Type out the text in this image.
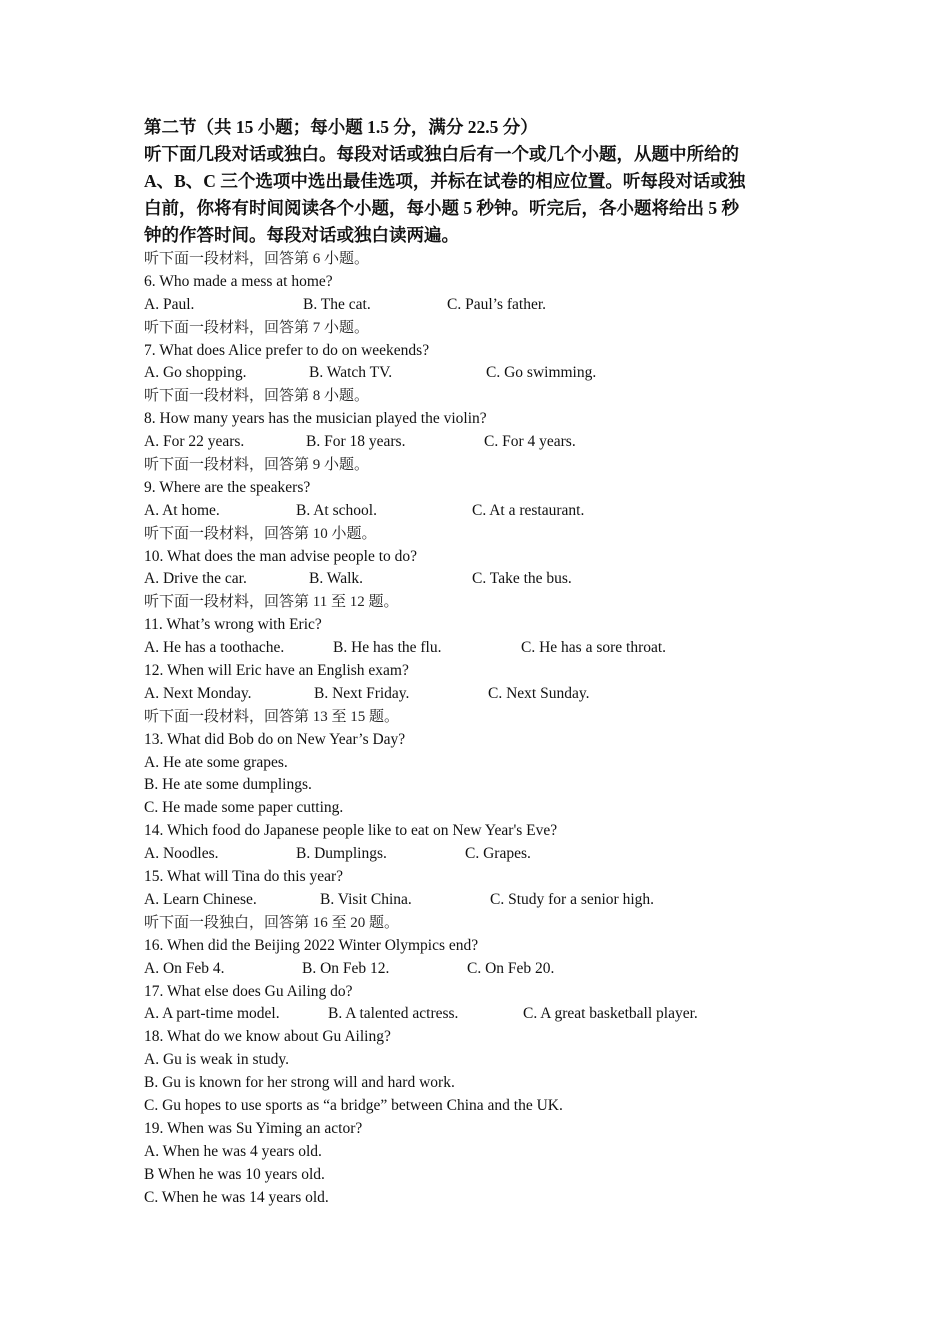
第二节（共 15 小题；每小题 1.5 分，满分 22.5 分）
听下面几段对话或独白。每段对话或独白后有一个或几个小题，从题中所给的
A、B、C 三个选项中选出最佳选项，并标在试卷的相应位置。听每段对话或独
白前，你将有时间阅读各个小题，每小题 5 秒钟。听完后，各小题将给出 5 秒
钟的作答时间。每段对话或独白读两遍。
听下面一段材料，回答第 6 小题。
6. Who made a mess at home?
A. Paul.	B. The cat.	C. Paul’s father.
听下面一段材料，回答第 7 小题。
7. What does Alice prefer to do on weekends?
A. Go shopping.	B. Watch TV.	C. Go swimming.
听下面一段材料，回答第 8 小题。
8. How many years has the musician played the violin?
A. For 22 years.	B. For 18 years.	C. For 4 years.
听下面一段材料，回答第 9 小题。
9. Where are the speakers?
A. At home.	B. At school.	C. At a restaurant.
听下面一段材料，回答第 10 小题。
10. What does the man advise people to do?
A. Drive the car.	B. Walk.	C. Take the bus.
听下面一段材料，回答第 11 至 12 题。
11. What’s wrong with Eric?
A. He has a toothache.	B. He has the flu.	C. He has a sore throat.
12. When will Eric have an English exam?
A. Next Monday.	B. Next Friday.	C. Next Sunday.
听下面一段材料，回答第 13 至 15 题。
13. What did Bob do on New Year’s Day?
A. He ate some grapes.
B. He ate some dumplings.
C. He made some paper cutting.
14. Which food do Japanese people like to eat on New Year's Eve?
A. Noodles.	B. Dumplings.	C. Grapes.
15. What will Tina do this year?
A. Learn Chinese.	B. Visit China.	C. Study for a senior high.
听下面一段独白，回答第 16 至 20 题。
16. When did the Beijing 2022 Winter Olympics end?
A. On Feb 4.	B. On Feb 12.	C. On Feb 20.
17. What else does Gu Ailing do?
A. A part-time model.	B. A talented actress.	C. A great basketball player.
18. What do we know about Gu Ailing?
A. Gu is weak in study.
B. Gu is known for her strong will and hard work.
C. Gu hopes to use sports as “a bridge” between China and the UK.
19. When was Su Yiming an actor?
A. When he was 4 years old.
B When he was 10 years old.
C. When he was 14 years old.
